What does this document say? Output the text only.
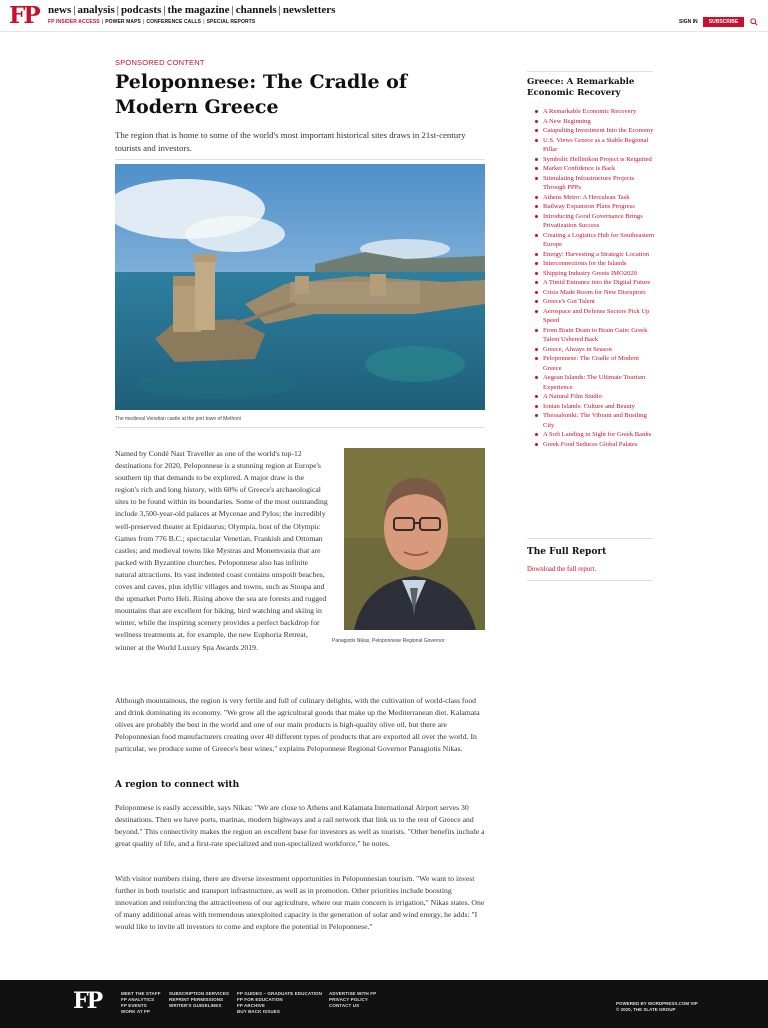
FP news | analysis | podcasts | the magazine | channels | newsletters
FP INSIDER ACCESS | POWER MAPS | CONFERENCE CALLS | SPECIAL REPORTS	SIGN IN	SUBSCRIBE
SPONSORED CONTENT
Peloponnese: The Cradle of Modern Greece

The region that is home to some of the world's most important historical sites draws in 21st-century tourists and investors.

The medieval Venetian castle at the port town of Methoni
Panagiotis Nikas, Peloponnese Regional Governor
Named by Condé Nast Traveller as one of the world's top-12 destinations for 2020, Peloponnese is a stunning region at Europe's southern tip that demands to be explored. A major draw is the region's rich and long history, with 60% of Greece's archaeological sites to be found within its boundaries. Some of the most outstanding include 3,500-year-old palaces at Mycenae and Pylos; the incredibly well-preserved theater at Epidaurus; Olympia, host of the Olympic Games from 776 B.C.; spectacular Venetian, Frankish and Ottoman castles; and medieval towns like Mystras and Monemvasia that are packed with Byzantine churches. Peloponnese also has infinite natural attractions. Its vast indented coast contains unspoilt beaches, coves and caves, plus idyllic villages and towns, such as Stoupa and the upmarket Porto Heli. Rising above the sea are forests and rugged mountains that are excellent for hiking, bird watching and skiing in winter, while the inspiring scenery provides a perfect backdrop for wellness treatments at, for example, the new Euphoria Retreat, winner at the World Luxury Spa Awards 2019.

Although mountainous, the region is very fertile and full of culinary delights, with the cultivation of world-class food and drink dominating its economy. "We grow all the agricultural goods that make up the Mediterranean diet. Kalamata olives are probably the best in the world and one of our main products is high-quality olive oil, but there are Peloponnesian food manufacturers creating over 40 different types of products that are exported all over the world. In particular, we produce some of Greece's best wines," explains Peloponnese Regional Governor Panagiotis Nikas.

A region to connect with

Peloponnese is easily accessible, says Nikas: "We are close to Athens and Kalamata International Airport serves 30 destinations. Then we have ports, marinas, modern highways and a rail network that link us to the rest of Greece and beyond." This connectivity makes the region an excellent base for investors as well as tourists. "Other benefits include a great quality of life, and a first-rate specialized and non-specialized workforce," he notes.

With visitor numbers rising, there are diverse investment opportunities in Peloponnesian tourism. "We want to invest further in both touristic and transport infrastructure, as well as in promotion. Other priorities include boosting innovation and reinforcing the attractiveness of our agriculture, where our main concern is irrigation," Nikas states. One of many additional areas with tremendous unexploited capacity is the generation of solar and wind energy, he adds: "I would like to invite all investors to come and explore the potential in Peloponnese."

Greece: A Remarkable Economic Recovery
A Remarkable Economic Recovery
A New Beginning
Catapulting Investment Into the Economy
U.S. Views Greece as a Stable Regional Pillar
Symbolic Hellinikon Project is Reignited
Market Confidence is Back
Stimulating Infrastructure Projects Through PPPs
Athens Metro: A Herculean Task
Railway Expansion Plans Progress
Introducing Good Governance Brings Privatization Success
Creating a Logistics Hub for Southeastern Europe
Energy: Harvesting a Strategic Location
Interconnections for the Islands
Shipping Industry Greets IMO2020
A Timid Entrance into the Digital Future
Crisis Made Room for New Disruptors
Greece's Got Talent
Aerospace and Defense Sectors Pick Up Speed
From Brain Drain to Brain Gain: Greek Talent Ushered Back
Greece, Always in Season
Peloponnese: The Cradle of Modern Greece
Aegean Islands: The Ultimate Tourism Experience
A Natural Film Studio
Ionian Islands: Culture and Beauty
Thessaloniki: The Vibrant and Bustling City
A Soft Landing in Sight for Greek Banks
Greek Food Seduces Global Palates
The Full Report
Download the full report.
FP	MEET THE STAFF
FP ANALYTICS
FP EVENTS
WORK AT FP
SUBSCRIPTION SERVICES
REPRINT PERMISSIONS
WRITER'S GUIDELINES
FP GUIDES – GRADUATE EDUCATION
FP FOR EDUCATION
FP ARCHIVE
BUY BACK ISSUES
ADVERTISE WITH FP
PRIVACY POLICY
CONTACT US	POWERED BY WORDPRESS.COM VIP
© 2020, THE SLATE GROUP
